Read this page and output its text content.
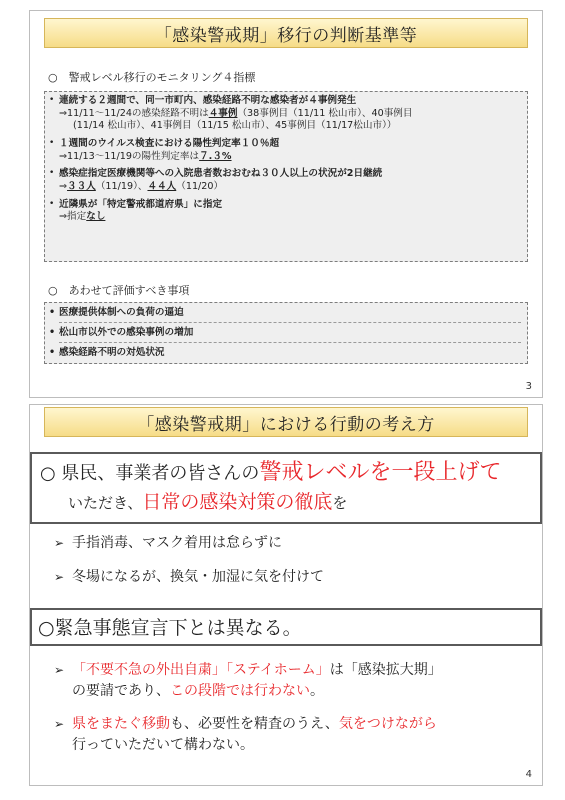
「感染警戒期」移行の判断基準等
○　警戒レベル移行のモニタリング４指標
• 連続する２週間で、同一市町内、感染経路不明な感染者が４事例発生
⇒11/11～11/24の感染経路不明は４事例（38事例目（11/11 松山市）、40事例目
(11/14 松山市）、41事例目（11/15 松山市）、45事例目（11/17松山市））
• １週間のウイルス検査における陽性判定率１０％超
⇒11/13～11/19の陽性判定率は７.３%
• 感染症指定医療機関等への入院患者数おおむね３０人以上の状況が2日継続
⇒３３人（11/19）、４４人（11/20）
• 近隣県が「特定警戒都道府県」に指定
⇒指定なし
○　あわせて評価すべき事項
• 医療提供体制への負荷の逼迫
• 松山市以外での感染事例の増加
• 感染経路不明の対処状況
3
「感染警戒期」における行動の考え方
○ 県民、事業者の皆さんの警戒レベルを一段上げて
いただき、日常の感染対策の徹底を
➢ 手指消毒、マスク着用は怠らずに
➢ 冬場になるが、換気・加湿に気を付けて
○緊急事態宣言下とは異なる。
➢ 「不要不急の外出自粛」「ステイホーム」は「感染拡大期」
の要請であり、この段階では行わない。
➢ 県をまたぐ移動も、必要性を精査のうえ、気をつけながら
行っていただいて構わない。
4
